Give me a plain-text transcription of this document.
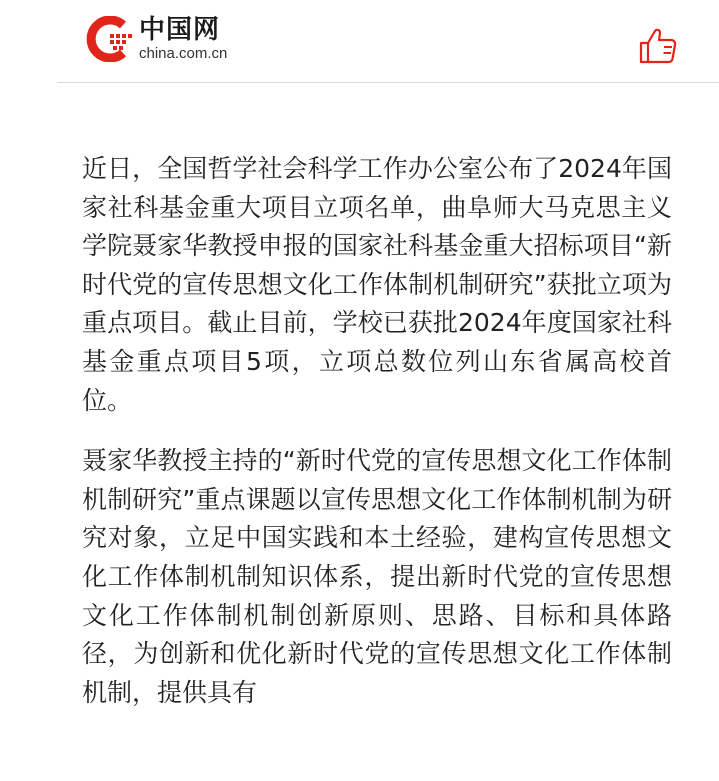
中国网
china.com.cn

近日，全国哲学社会科学工作办公室公布了2024年国家社科基金重大项目立项名单，曲阜师大马克思主义学院聂家华教授申报的国家社科基金重大招标项目“新时代党的宣传思想文化工作体制机制研究”获批立项为重点项目。截止目前，学校已获批2024年度国家社科基金重点项目5项，立项总数位列山东省属高校首位。

聂家华教授主持的“新时代党的宣传思想文化工作体制机制研究”重点课题以宣传思想文化工作体制机制为研究对象，立足中国实践和本土经验，建构宣传思想文化工作体制机制知识体系，提出新时代党的宣传思想文化工作体制机制创新原则、思路、目标和具体路径，为创新和优化新时代党的宣传思想文化工作体制机制，提供具有
